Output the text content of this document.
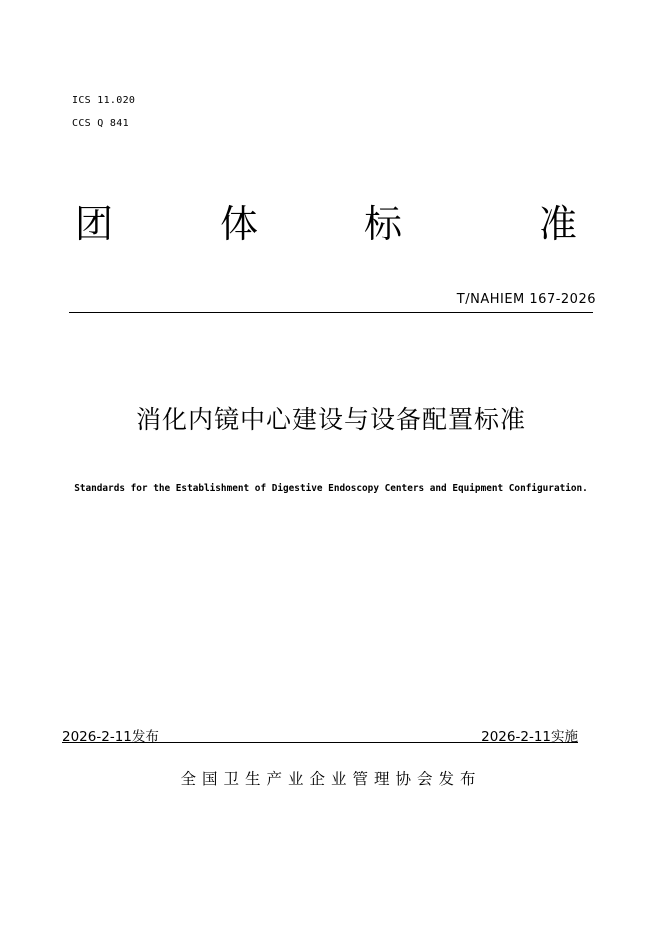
ICS 11.020
CCS Q 841
团	体	标	准
T/NAHIEM 167-2026
消化内镜中心建设与设备配置标准
Standards for the Establishment of Digestive Endoscopy Centers and Equipment Configuration.
2026-2-11发布	2026-2-11实施
全国卫生产业企业管理协会发布
